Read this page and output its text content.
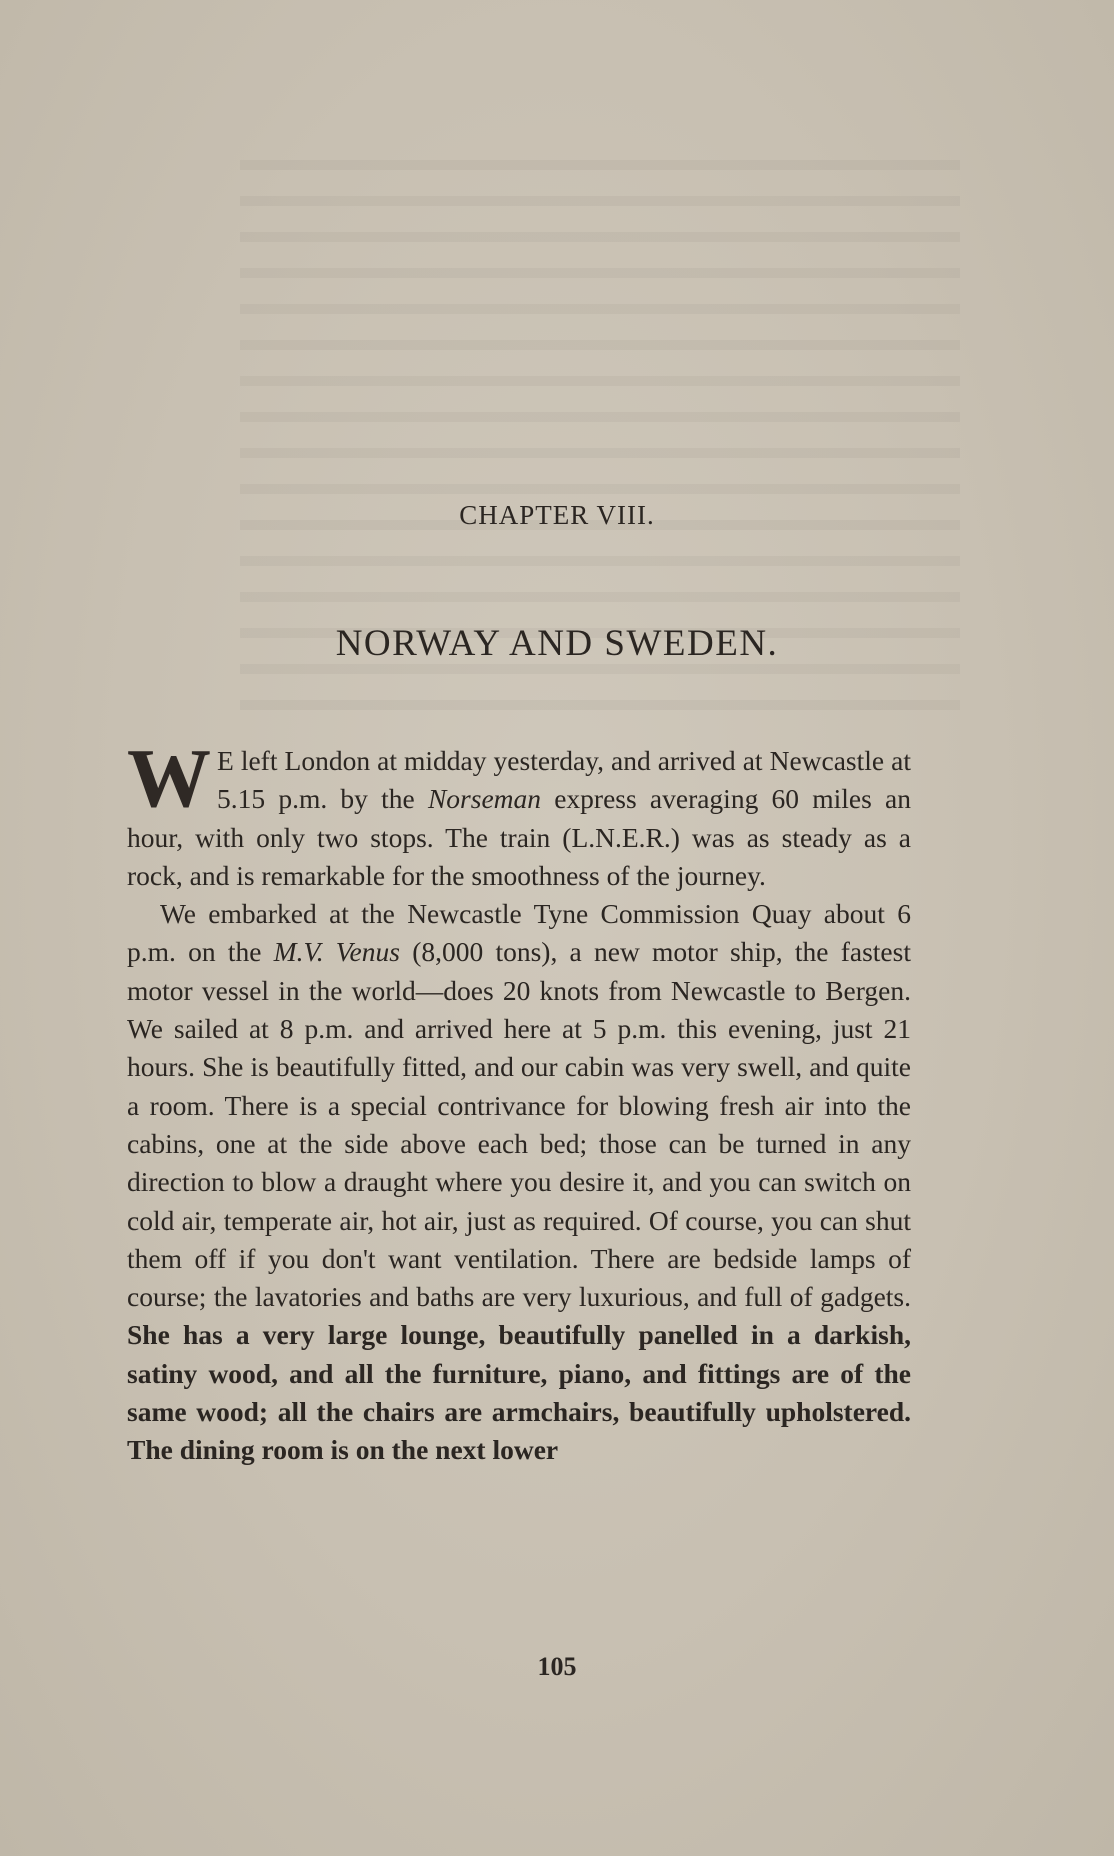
CHAPTER VIII.
NORWAY AND SWEDEN.

W E left London at midday yesterday, and arrived at Newcastle at 5.15 p.m. by the Norseman express averaging 60 miles an hour, with only two stops. The train (L.N.E.R.) was as steady as a rock, and is remarkable for the smoothness of the journey.

We embarked at the Newcastle Tyne Commission Quay about 6 p.m. on the M.V. Venus (8,000 tons), a new motor ship, the fastest motor vessel in the world—does 20 knots from Newcastle to Bergen. We sailed at 8 p.m. and arrived here at 5 p.m. this evening, just 21 hours. She is beautifully fitted, and our cabin was very swell, and quite a room. There is a special contrivance for blowing fresh air into the cabins, one at the side above each bed; those can be turned in any direction to blow a draught where you desire it, and you can switch on cold air, temperate air, hot air, just as required. Of course, you can shut them off if you don't want ventilation. There are bedside lamps of course; the lavatories and baths are very luxurious, and full of gadgets. She has a very large lounge, beautifully panelled in a darkish, satiny wood, and all the furniture, piano, and fittings are of the same wood; all the chairs are armchairs, beautifully upholstered. The dining room is on the next lower

105
